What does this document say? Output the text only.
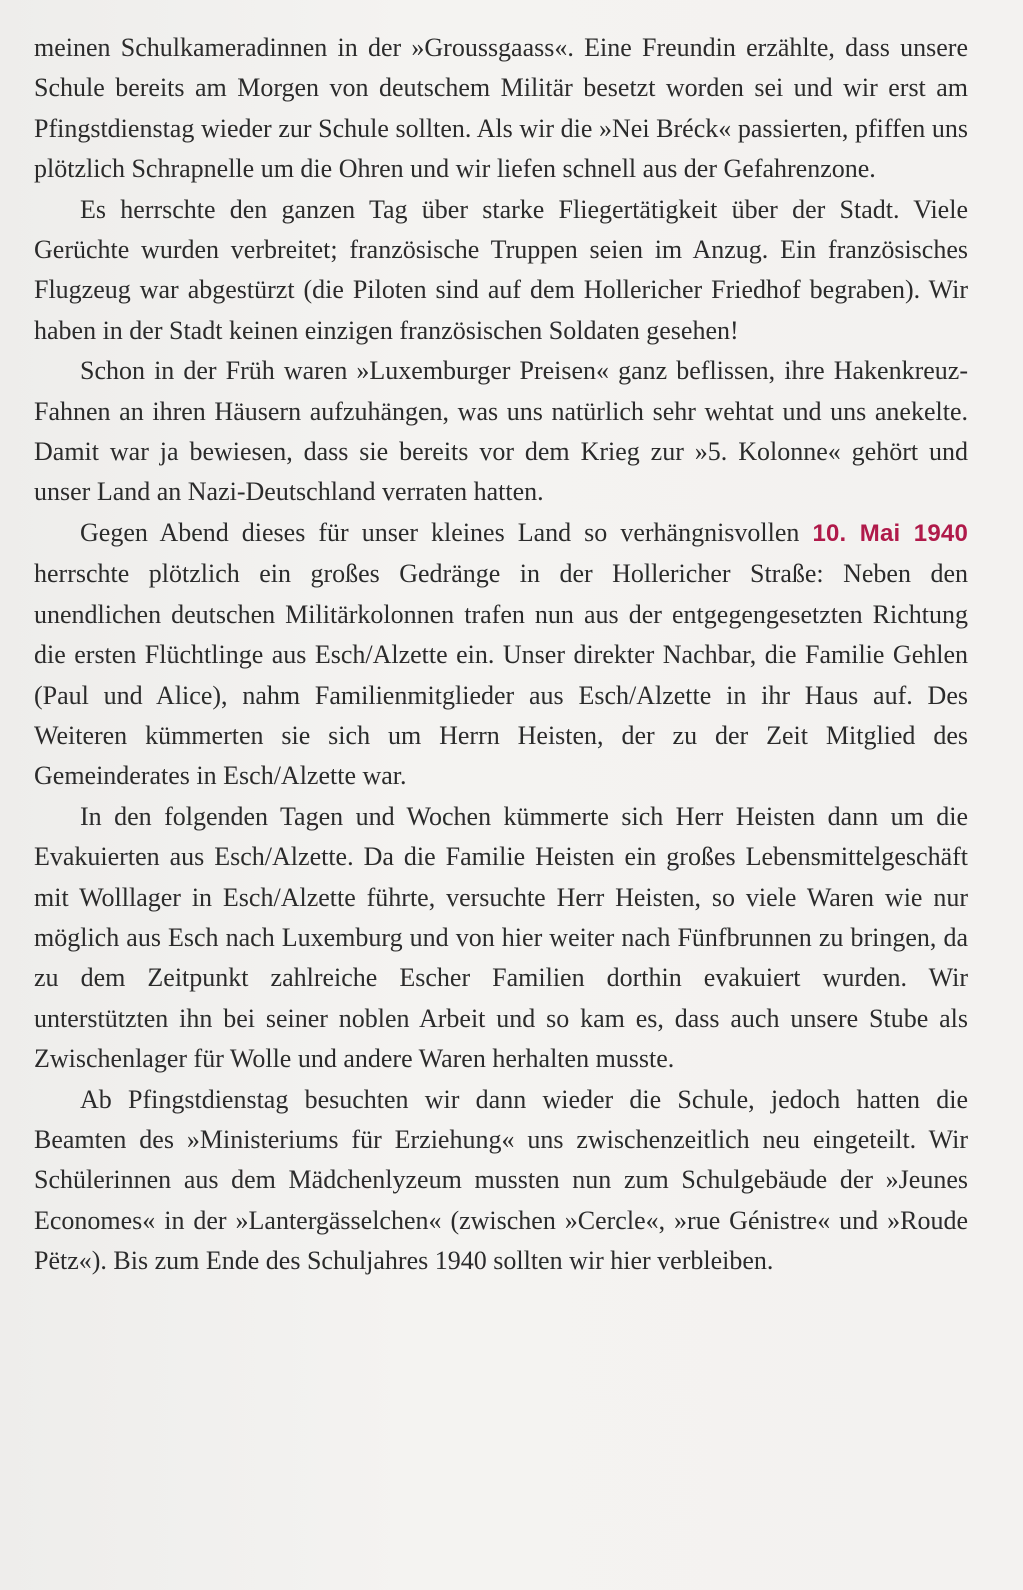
meinen Schulkameradinnen in der »Groussgaass«. Eine Freundin erzählte, dass unsere Schule bereits am Morgen von deutschem Militär besetzt worden sei und wir erst am Pfingstdienstag wieder zur Schule sollten. Als wir die »Nei Bréck« passierten, pfiffen uns plötzlich Schrapnelle um die Ohren und wir liefen schnell aus der Gefahrenzone.

Es herrschte den ganzen Tag über starke Fliegertätigkeit über der Stadt. Viele Gerüchte wurden verbreitet; französische Truppen seien im Anzug. Ein französisches Flugzeug war abgestürzt (die Piloten sind auf dem Hollericher Friedhof begraben). Wir haben in der Stadt keinen einzigen französischen Soldaten gesehen!

Schon in der Früh waren »Luxemburger Preisen« ganz beflissen, ihre Hakenkreuz-Fahnen an ihren Häusern aufzuhängen, was uns natürlich sehr wehtat und uns anekelte. Damit war ja bewiesen, dass sie bereits vor dem Krieg zur »5. Kolonne« gehört und unser Land an Nazi-Deutschland verraten hatten.

Gegen Abend dieses für unser kleines Land so verhängnisvollen 10. Mai 1940 herrschte plötzlich ein großes Gedränge in der Hollericher Straße: Neben den unendlichen deutschen Militärkolonnen trafen nun aus der entgegengesetzten Richtung die ersten Flüchtlinge aus Esch/Alzette ein. Unser direkter Nachbar, die Familie Gehlen (Paul und Alice), nahm Familienmitglieder aus Esch/Alzette in ihr Haus auf. Des Weiteren kümmerten sie sich um Herrn Heisten, der zu der Zeit Mitglied des Gemeinderates in Esch/Alzette war.

In den folgenden Tagen und Wochen kümmerte sich Herr Heisten dann um die Evakuierten aus Esch/Alzette. Da die Familie Heisten ein großes Lebensmittelgeschäft mit Wolllager in Esch/Alzette führte, versuchte Herr Heisten, so viele Waren wie nur möglich aus Esch nach Luxemburg und von hier weiter nach Fünfbrunnen zu bringen, da zu dem Zeitpunkt zahlreiche Escher Familien dorthin evakuiert wurden. Wir unterstützten ihn bei seiner noblen Arbeit und so kam es, dass auch unsere Stube als Zwischenlager für Wolle und andere Waren herhalten musste.

Ab Pfingstdienstag besuchten wir dann wieder die Schule, jedoch hatten die Beamten des »Ministeriums für Erziehung« uns zwischenzeitlich neu eingeteilt. Wir Schülerinnen aus dem Mädchenlyzeum mussten nun zum Schulgebäude der »Jeunes Economes« in der »Lantergässelchen« (zwischen »Cercle«, »rue Génistre« und »Roude Pëtz«). Bis zum Ende des Schuljahres 1940 sollten wir hier verbleiben.
